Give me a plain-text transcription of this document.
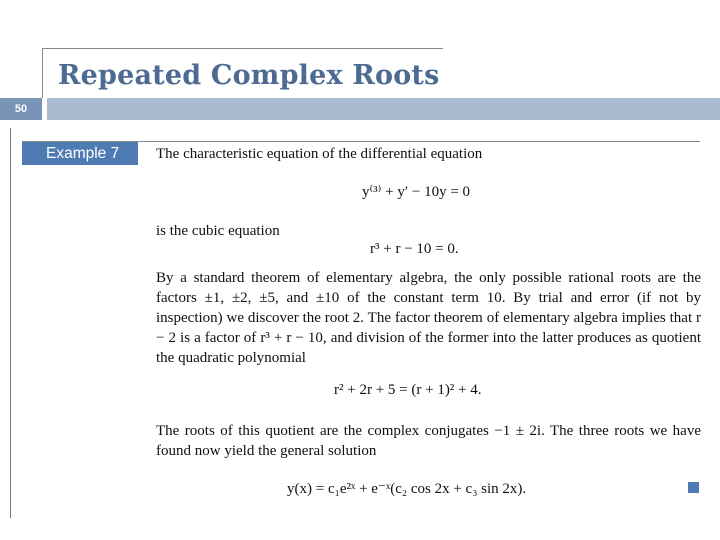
Repeated Complex Roots
50
Example 7	The characteristic equation of the differential equation
y⁽³⁾ + y′ − 10y = 0
is the cubic equation
r³ + r − 10 = 0.
By a standard theorem of elementary algebra, the only possible rational roots are the factors ±1, ±2, ±5, and ±10 of the constant term 10. By trial and error (if not by inspection) we discover the root 2. The factor theorem of elementary algebra implies that r − 2 is a factor of r³ + r − 10, and division of the former into the latter produces as quotient the quadratic polynomial
r² + 2r + 5 = (r + 1)² + 4.
The roots of this quotient are the complex conjugates −1 ± 2i. The three roots we have found now yield the general solution
y(x) = c₁e²ˣ + e⁻ˣ(c₂ cos 2x + c₃ sin 2x).
